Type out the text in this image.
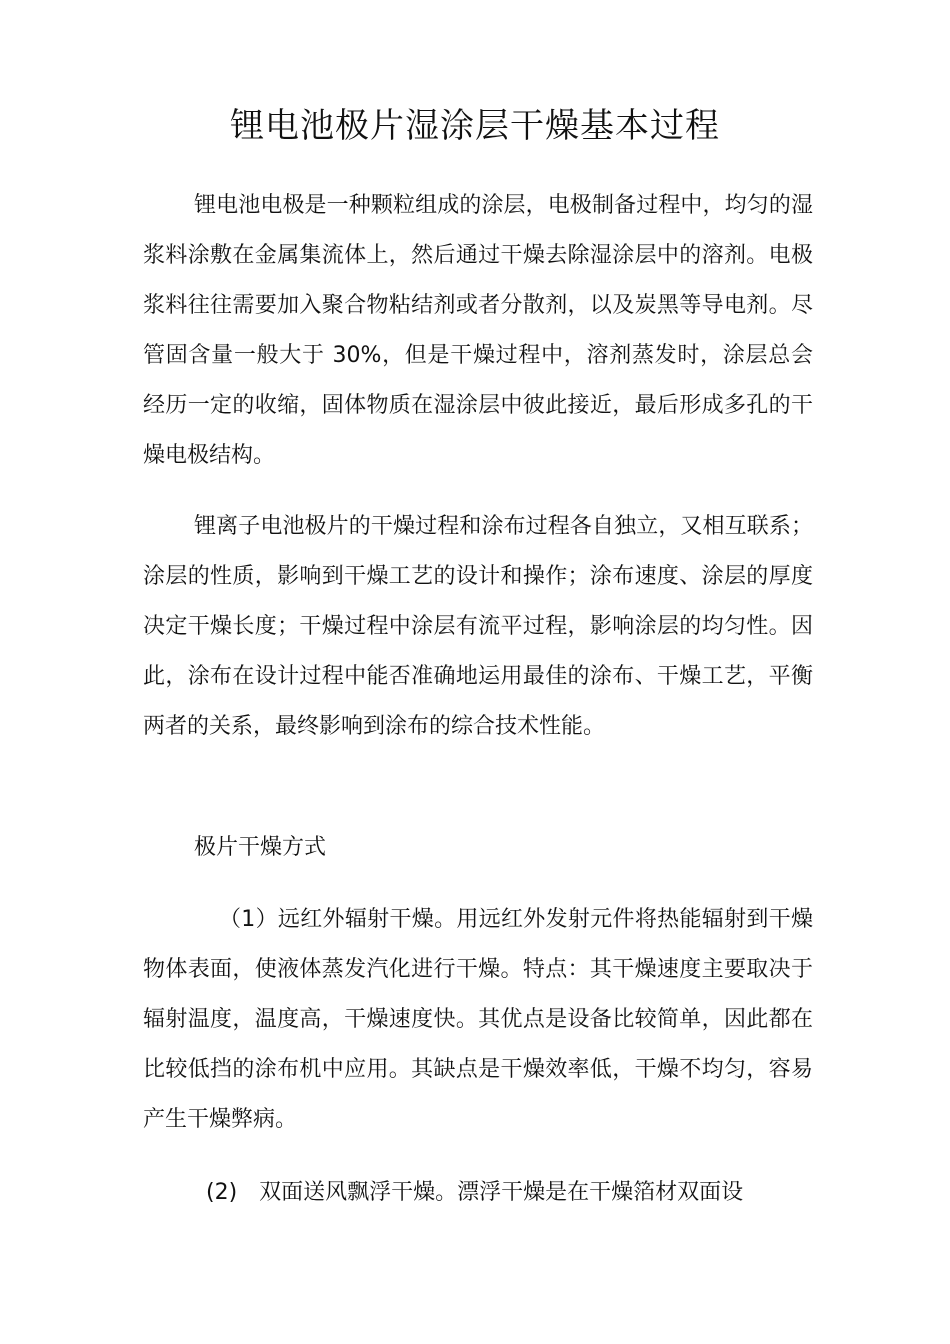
锂电池极片湿涂层干燥基本过程

锂电池电极是一种颗粒组成的涂层，电极制备过程中，均匀的湿浆料涂敷在金属集流体上，然后通过干燥去除湿涂层中的溶剂。电极浆料往往需要加入聚合物粘结剂或者分散剂，以及炭黑等导电剂。尽管固含量一般大于 30%，但是干燥过程中，溶剂蒸发时，涂层总会经历一定的收缩，固体物质在湿涂层中彼此接近，最后形成多孔的干燥电极结构。

锂离子电池极片的干燥过程和涂布过程各自独立，又相互联系；涂层的性质，影响到干燥工艺的设计和操作；涂布速度、涂层的厚度决定干燥长度；干燥过程中涂层有流平过程，影响涂层的均匀性。因此，涂布在设计过程中能否准确地运用最佳的涂布、干燥工艺，平衡两者的关系，最终影响到涂布的综合技术性能。

极片干燥方式

（1）远红外辐射干燥。用远红外发射元件将热能辐射到干燥物体表面，使液体蒸发汽化进行干燥。特点：其干燥速度主要取决于辐射温度，温度高，干燥速度快。其优点是设备比较简单，因此都在比较低挡的涂布机中应用。其缺点是干燥效率低，干燥不均匀，容易产生干燥弊病。

(2)　双面送风飘浮干燥。漂浮干燥是在干燥箔材双面设
